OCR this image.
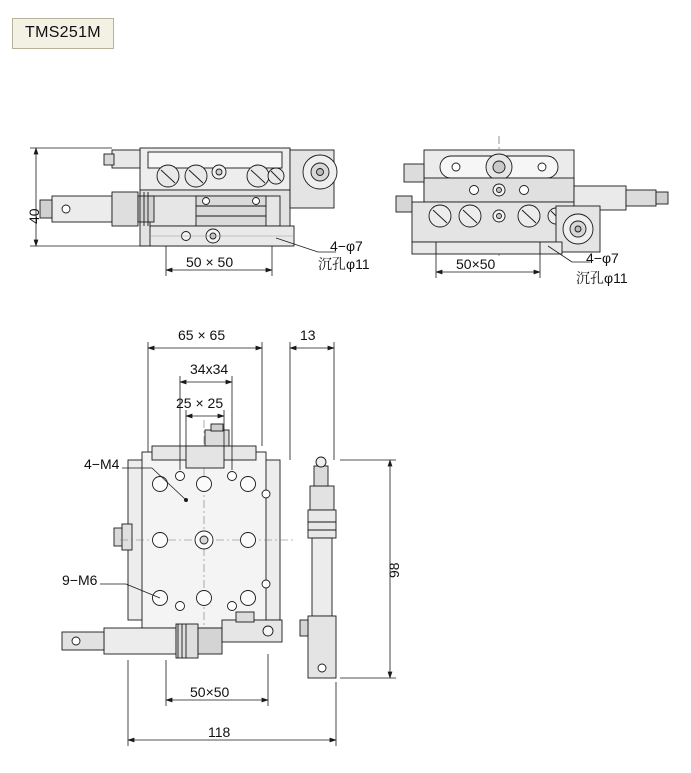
TMS251M
40
50 × 50
4−φ7
沉孔φ11	50×50	4−φ7
沉孔φ11
65 × 65
34x34
25 × 25
13
4−M4
9−M6
98
50×50
118
